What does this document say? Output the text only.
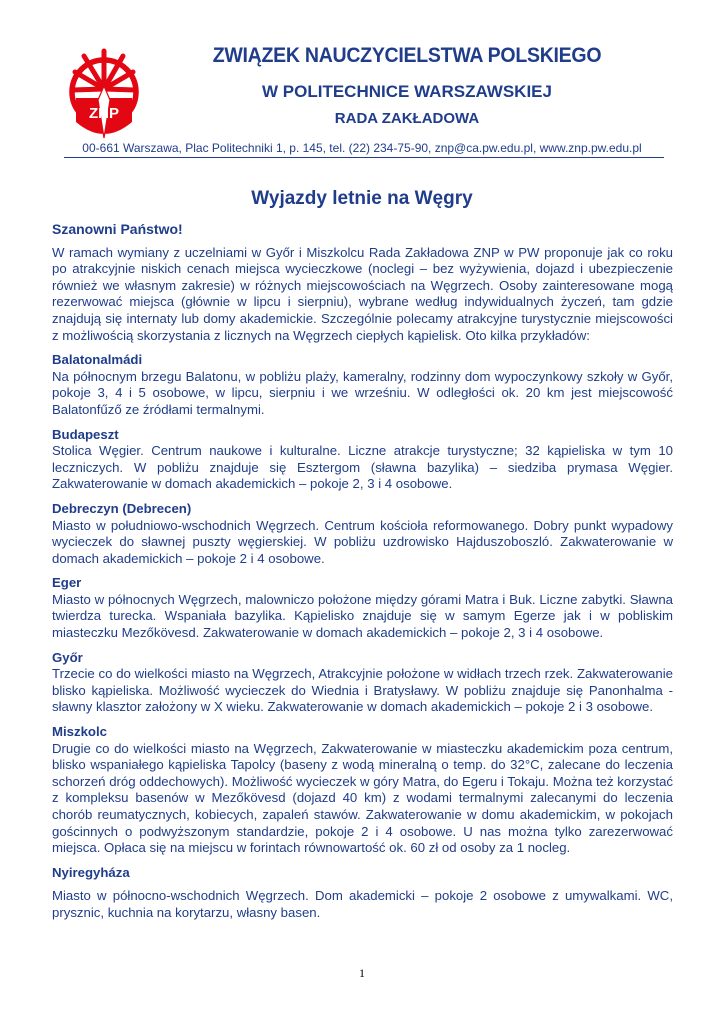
ZNP
ZWIĄZEK NAUCZYCIELSTWA POLSKIEGO
W POLITECHNICE WARSZAWSKIEJ
RADA ZAKŁADOWA
00-661 Warszawa, Plac Politechniki 1, p. 145, tel. (22) 234-75-90, znp@ca.pw.edu.pl, www.znp.pw.edu.pl
Wyjazdy letnie na Węgry

Szanowni Państwo!

W ramach wymiany z uczelniami w Győr i Miszkolcu Rada Zakładowa ZNP w PW proponuje jak co roku po atrakcyjnie niskich cenach miejsca wycieczkowe (noclegi – bez wyżywienia, dojazd i ubezpieczenie również we własnym zakresie) w różnych miejscowościach na Węgrzech. Osoby zainteresowane mogą rezerwować miejsca (głównie w lipcu i sierpniu), wybrane według indywidualnych życzeń, tam gdzie znajdują się internaty lub domy akademickie. Szczególnie polecamy atrakcyjne turystycznie miejscowości z możliwością skorzystania z licznych na Węgrzech ciepłych kąpielisk. Oto kilka przykładów:

Balatonalmádi

Na północnym brzegu Balatonu, w pobliżu plaży, kameralny, rodzinny dom wypoczynkowy szkoły w Győr, pokoje 3, 4 i 5 osobowe, w lipcu, sierpniu i we wrześniu. W odległości ok. 20 km jest miejscowość Balatonfűző ze źródłami termalnymi.

Budapeszt

Stolica Węgier. Centrum naukowe i kulturalne. Liczne atrakcje turystyczne; 32 kąpieliska w tym 10 leczniczych. W pobliżu znajduje się Esztergom (sławna bazylika) – siedziba prymasa Węgier. Zakwaterowanie w domach akademickich – pokoje 2, 3 i 4 osobowe.

Debreczyn (Debrecen)

Miasto w południowo-wschodnich Węgrzech. Centrum kościoła reformowanego. Dobry punkt wypadowy wycieczek do sławnej puszty węgierskiej. W pobliżu uzdrowisko Hajduszoboszló. Zakwaterowanie w domach akademickich – pokoje 2 i 4 osobowe.

Eger

Miasto w północnych Węgrzech, malowniczo położone między górami Matra i Buk. Liczne zabytki. Sławna twierdza turecka. Wspaniała bazylika. Kąpielisko znajduje się w samym Egerze jak i w pobliskim miasteczku Mezőkövesd. Zakwaterowanie w domach akademickich – pokoje 2, 3 i 4 osobowe.

Győr

Trzecie co do wielkości miasto na Węgrzech, Atrakcyjnie położone w widłach trzech rzek. Zakwaterowanie blisko kąpieliska. Możliwość wycieczek do Wiednia i Bratysławy. W pobliżu znajduje się Panonhalma - sławny klasztor założony w X wieku. Zakwaterowanie w domach akademickich – pokoje 2 i 3 osobowe.

Miszkolc

Drugie co do wielkości miasto na Węgrzech, Zakwaterowanie w miasteczku akademickim poza centrum, blisko wspaniałego kąpieliska Tapolcy (baseny z wodą mineralną o temp. do 32°C, zalecane do leczenia schorzeń dróg oddechowych). Możliwość wycieczek w góry Matra, do Egeru i Tokaju. Można też korzystać z kompleksu basenów w Mezőkövesd (dojazd 40 km) z wodami termalnymi zalecanymi do leczenia chorób reumatycznych, kobiecych, zapaleń stawów. Zakwaterowanie w domu akademickim, w pokojach gościnnych o podwyższonym standardzie, pokoje 2 i 4 osobowe. U nas można tylko zarezerwować miejsca. Opłaca się na miejscu w forintach równowartość ok. 60 zł od osoby za 1 nocleg.

Nyiregyháza

Miasto w północno-wschodnich Węgrzech. Dom akademicki – pokoje 2 osobowe z umywalkami. WC, prysznic, kuchnia na korytarzu, własny basen.

1
